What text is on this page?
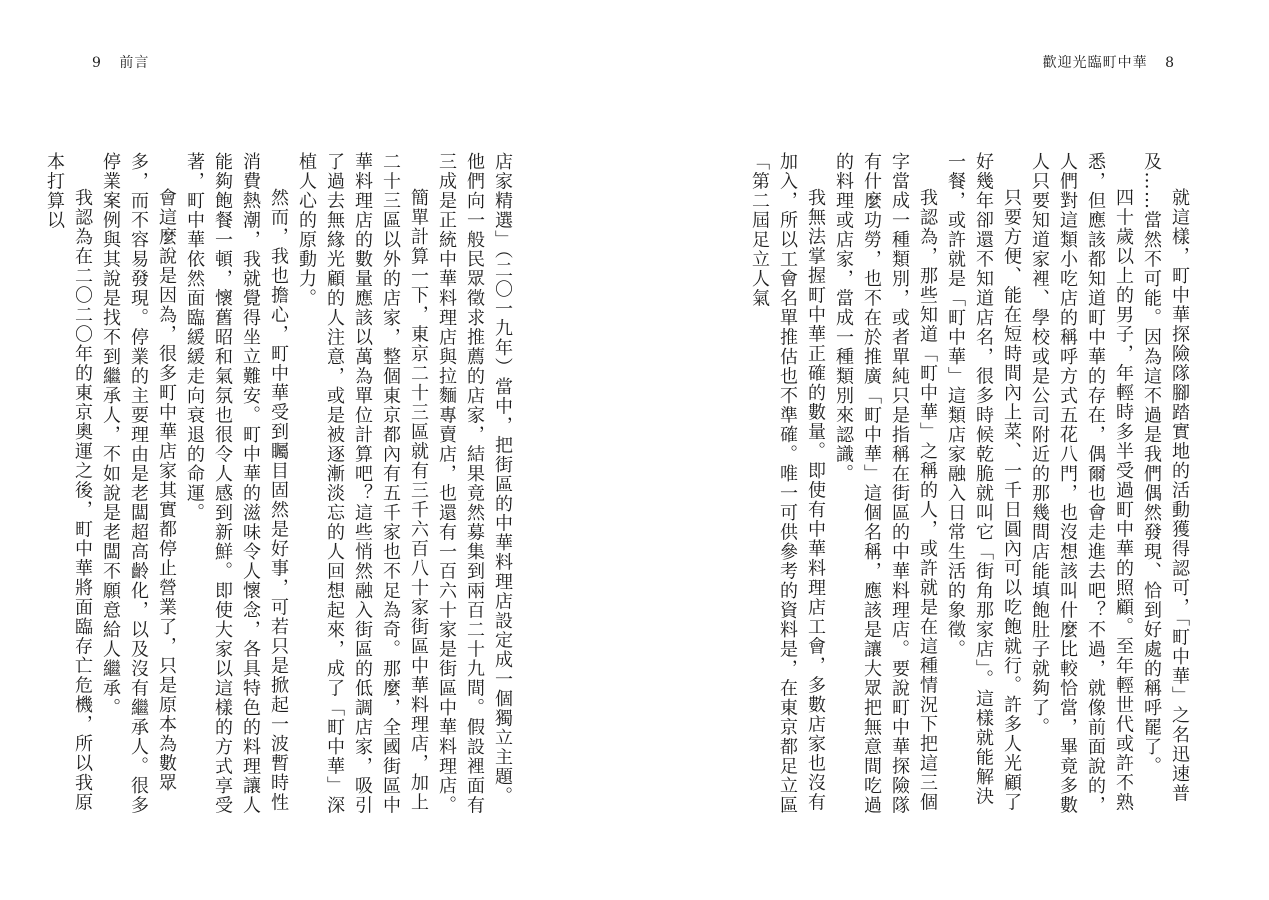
9 前言

店家精選」（二〇一九年）當中，把街區的中華料理店設定成一個獨立主題。他們向一般民眾徵求推薦的店家，結果竟然募集到兩百二十九間。假設裡面有三成是正統中華料理店與拉麵專賣店，也還有一百六十家是街區中華料理店。

簡單計算一下，東京二十三區就有三千六百八十家街區中華料理店，加上二十三區以外的店家，整個東京都內有五千家也不足為奇。那麼，全國街區中華料理店的數量應該以萬為單位計算吧？這些悄然融入街區的低調店家，吸引了過去無緣光顧的人注意，或是被逐漸淡忘的人回想起來，成了「町中華」深植人心的原動力。

然而，我也擔心，町中華受到矚目固然是好事，可若只是掀起一波暫時性消費熱潮，我就覺得坐立難安。町中華的滋味令人懷念，各具特色的料理讓人能夠飽餐一頓，懷舊昭和氣氛也很令人感到新鮮。即使大家以這樣的方式享受著，町中華依然面臨緩緩走向衰退的命運。

會這麼說是因為，很多町中華店家其實都停止營業了，只是原本為數眾多，而不容易發現。停業的主要理由是老闆超高齡化，以及沒有繼承人。很多停業案例與其說是找不到繼承人，不如說是老闆不願意給人繼承。

我認為在二〇二〇年的東京奧運之後，町中華將面臨存亡危機，所以我原本打算以

歡迎光臨町中華 8

就這樣，町中華探險隊腳踏實地的活動獲得認可，「町中華」之名迅速普及……當然不可能。因為這不過是我們偶然發現、恰到好處的稱呼罷了。

四十歲以上的男子，年輕時多半受過町中華的照顧。至年輕世代或許不熟悉，但應該都知道町中華的存在，偶爾也會走進去吧？不過，就像前面說的，人們對這類小吃店的稱呼方式五花八門，也沒想該叫什麼比較恰當，畢竟多數人只要知道家裡、學校或是公司附近的那幾間店能填飽肚子就夠了。

只要方便、能在短時間內上菜、一千日圓內可以吃飽就行。許多人光顧了好幾年卻還不知道店名，很多時候乾脆就叫它「街角那家店」。這樣就能解決一餐，或許就是「町中華」這類店家融入日常生活的象徵。

我認為，那些知道「町中華」之稱的人，或許就是在這種情況下把這三個字當成一種類別，或者單純只是指稱在街區的中華料理店。要說町中華探險隊有什麼功勞，也不在於推廣「町中華」這個名稱，應該是讓大眾把無意間吃過的料理或店家，當成一種類別來認識。

我無法掌握町中華正確的數量。即使有中華料理店工會，多數店家也沒有加入，所以工會名單推估也不準確。唯一可供參考的資料是，在東京都足立區「第二屆足立人氣
